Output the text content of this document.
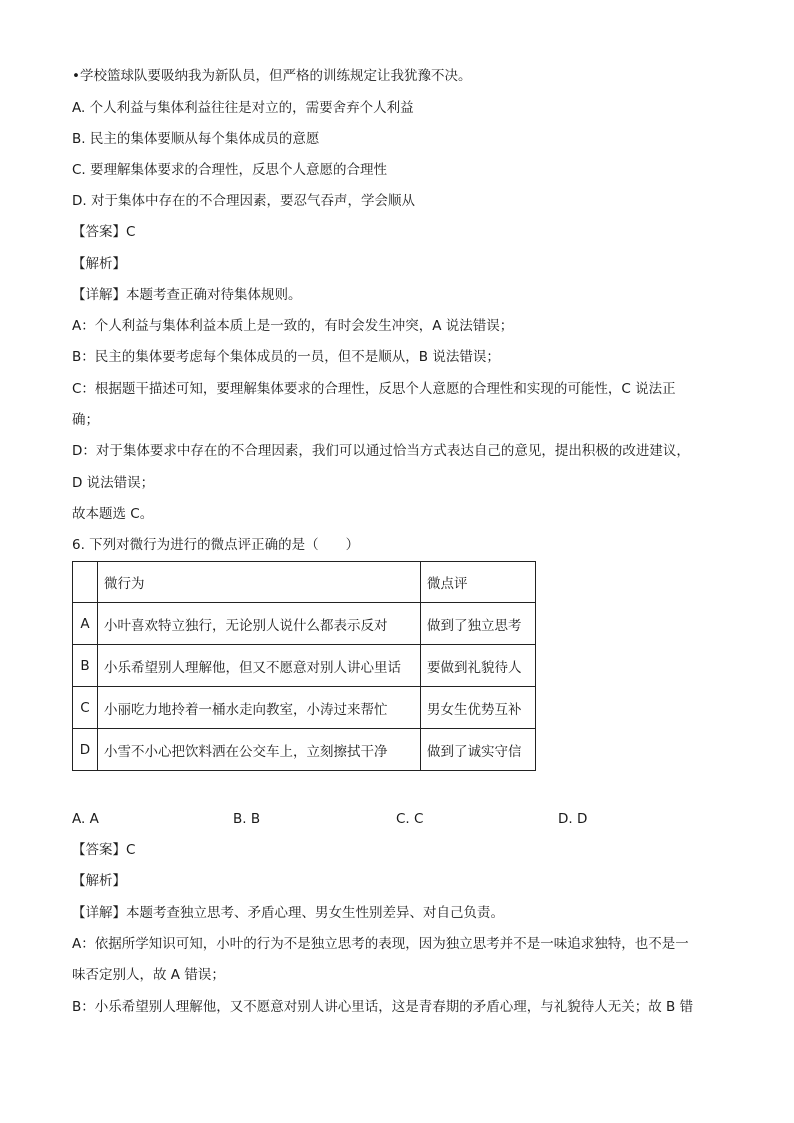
•学校篮球队要吸纳我为新队员，但严格的训练规定让我犹豫不决。
A. 个人利益与集体利益往往是对立的，需要舍弃个人利益
B. 民主的集体要顺从每个集体成员的意愿
C. 要理解集体要求的合理性，反思个人意愿的合理性
D. 对于集体中存在的不合理因素，要忍气吞声，学会顺从
【答案】C
【解析】
【详解】本题考查正确对待集体规则。
A：个人利益与集体利益本质上是一致的，有时会发生冲突，A 说法错误；
B：民主的集体要考虑每个集体成员的一员，但不是顺从，B 说法错误；
C：根据题干描述可知，要理解集体要求的合理性，反思个人意愿的合理性和实现的可能性，C 说法正
确；
D：对于集体要求中存在的不合理因素，我们可以通过恰当方式表达自己的意见，提出积极的改进建议，
D 说法错误；
故本题选 C。
6. 下列对微行为进行的微点评正确的是（　　）
	微行为	微点评
A	小叶喜欢特立独行，无论别人说什么都表示反对	做到了独立思考
B	小乐希望别人理解他，但又不愿意对别人讲心里话	要做到礼貌待人
C	小丽吃力地拎着一桶水走向教室，小涛过来帮忙	男女生优势互补
D	小雪不小心把饮料洒在公交车上，立刻擦拭干净	做到了诚实守信
A. A	B. B	C. C	D. D
【答案】C
【解析】
【详解】本题考查独立思考、矛盾心理、男女生性别差异、对自己负责。
A：依据所学知识可知，小叶的行为不是独立思考的表现，因为独立思考并不是一味追求独特，也不是一
味否定别人，故 A 错误；
B：小乐希望别人理解他，又不愿意对别人讲心里话，这是青春期的矛盾心理，与礼貌待人无关；故 B 错
